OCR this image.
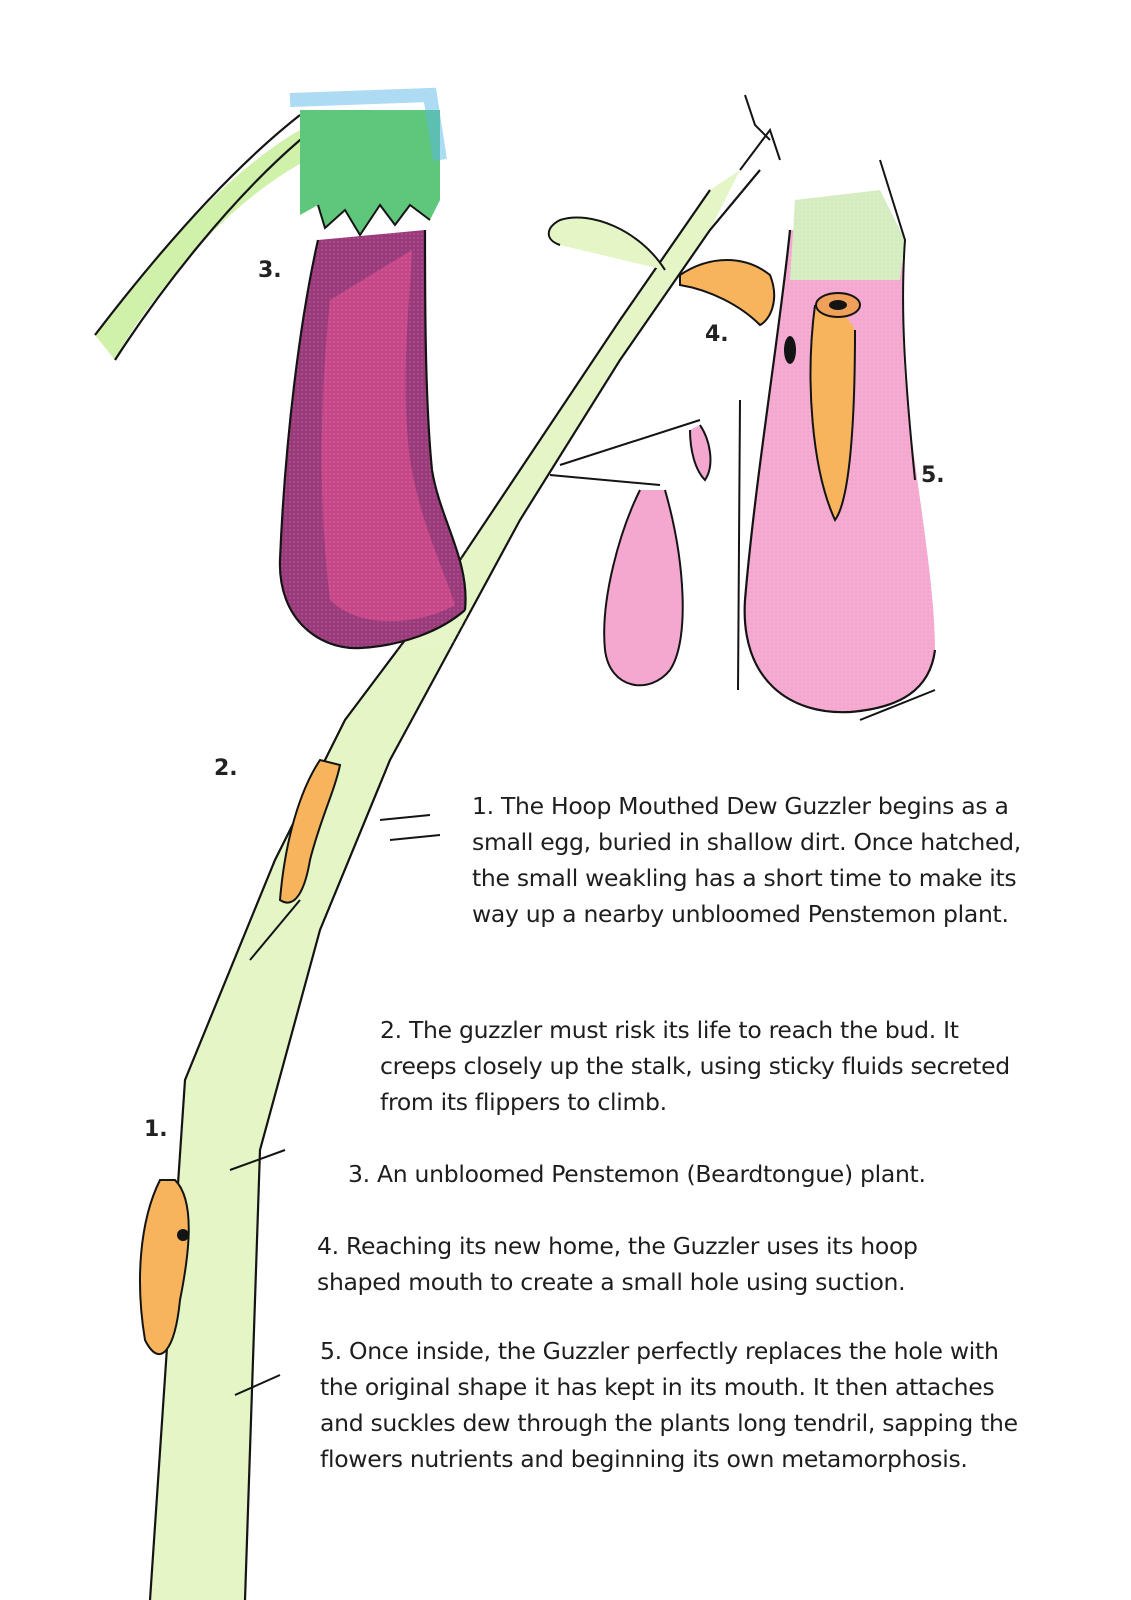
3.
4.
5.
2.
1.
1. The Hoop Mouthed Dew Guzzler begins as a small egg, buried in shallow dirt. Once hatched, the small weakling has a short time to make its way up a nearby unbloomed Penstemon plant.
2. The guzzler must risk its life to reach the bud. It creeps closely up the stalk, using sticky fluids secreted from its flippers to climb.
3. An unbloomed Penstemon (Beardtongue) plant.
4. Reaching its new home, the Guzzler uses its hoop shaped mouth to create a small hole using suction.
5. Once inside, the Guzzler perfectly replaces the hole with the original shape it has kept in its mouth. It then attaches and suckles dew through the plants long tendril, sapping the flowers nutrients and beginning its own metamorphosis.
